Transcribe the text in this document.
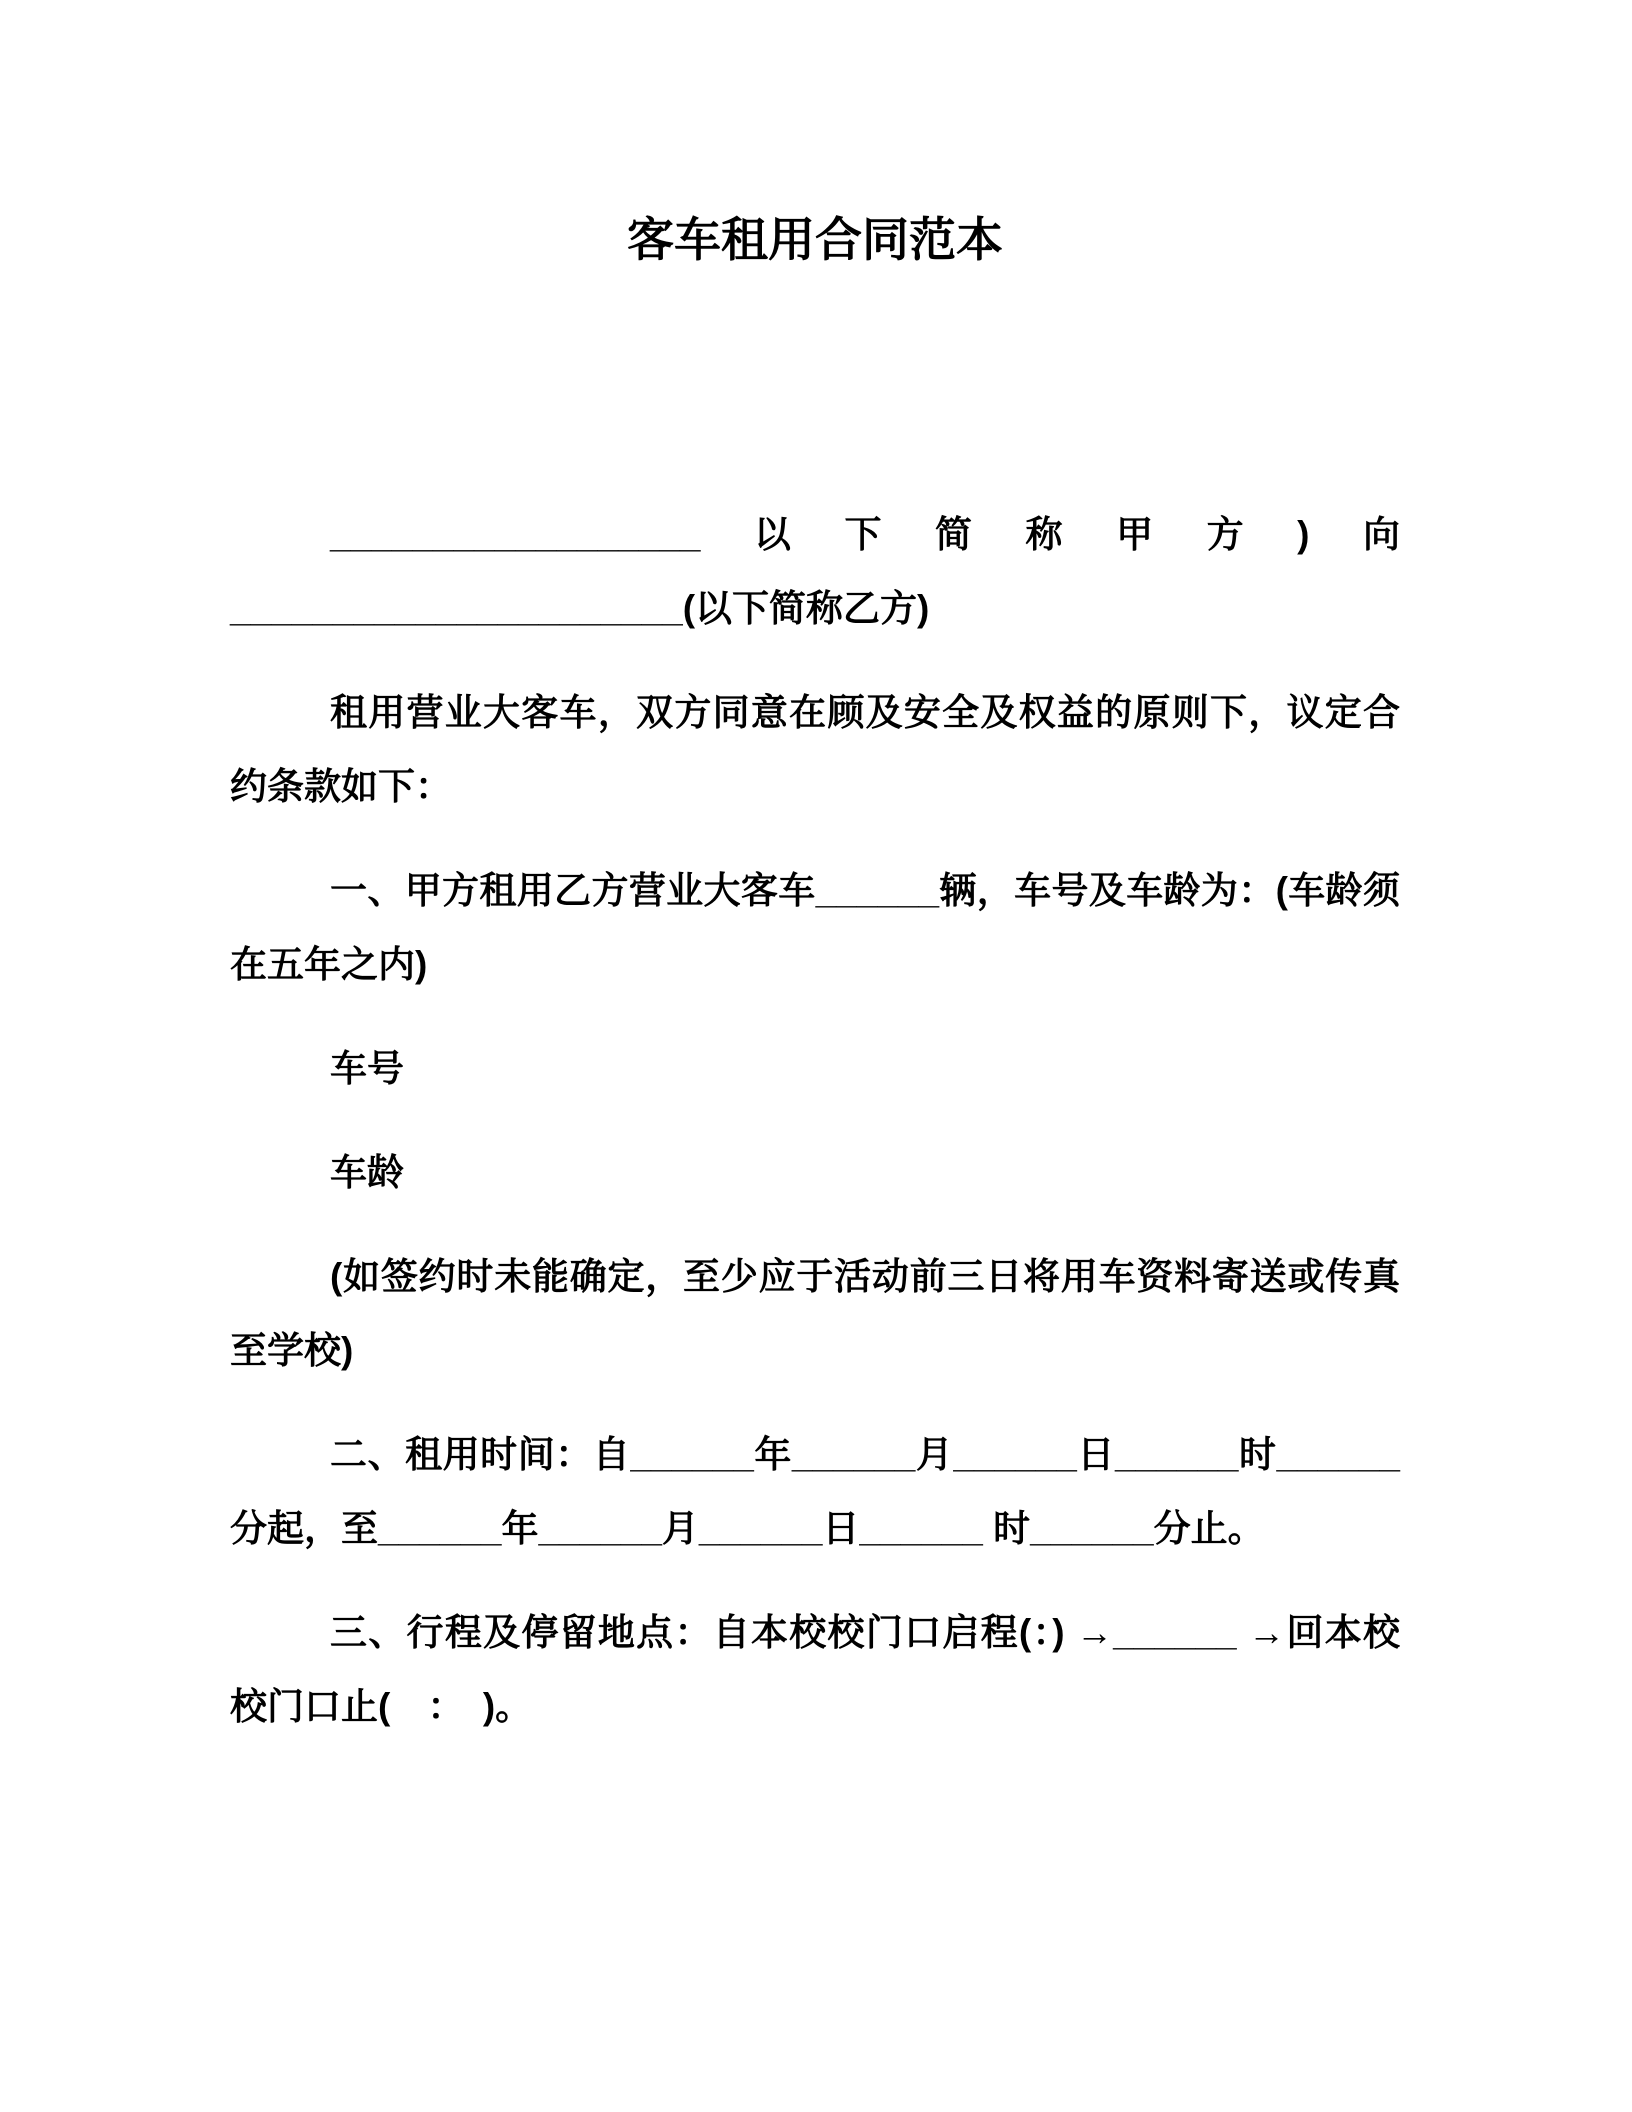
客车租用合同范本

__________________以下简称甲方)向______________________(以下简称乙方)

租用营业大客车，双方同意在顾及安全及权益的原则下，议定合约条款如下：

一、甲方租用乙方营业大客车______辆，车号及车龄为：(车龄须在五年之内)

车号

车龄

(如签约时未能确定，至少应于活动前三日将用车资料寄送或传真至学校)

二、租用时间：自______年______月______日______时______分起，至______年______月______日______ 时______分止。

三、行程及停留地点：自本校校门口启程(：) →______ →回本校校门口止(　：　)。
